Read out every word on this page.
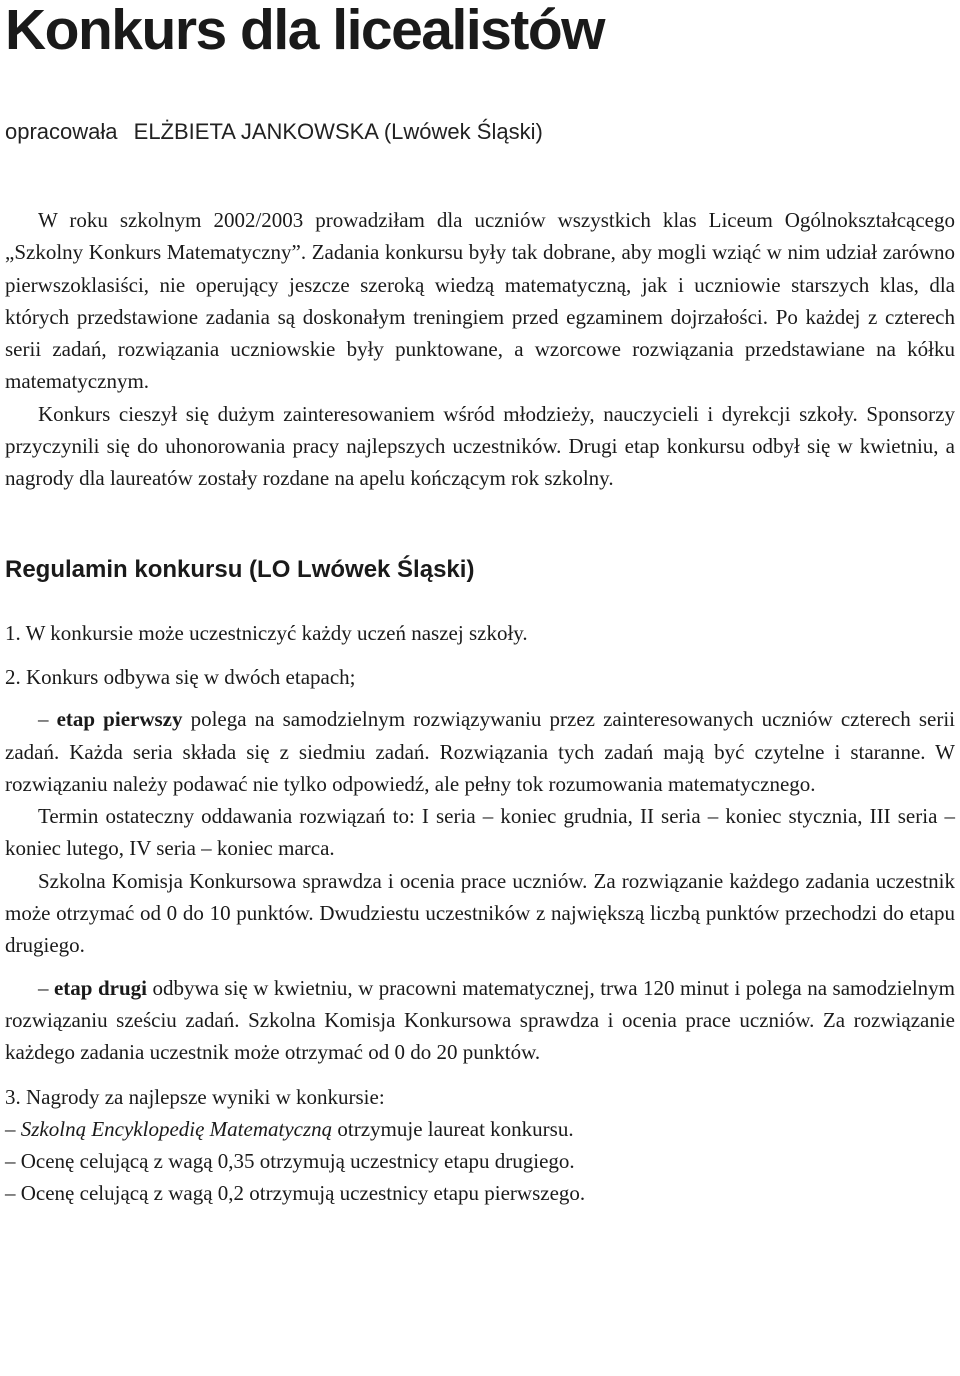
Konkurs dla licealistów
opracowała ELŻBIETA JANKOWSKA (Lwówek Śląski)

W roku szkolnym 2002/2003 prowadziłam dla uczniów wszystkich klas Liceum Ogólnokształcącego „Szkolny Konkurs Matematyczny”. Zadania konkursu były tak dobrane, aby mogli wziąć w nim udział zarówno pierwszoklasiści, nie operujący jeszcze szeroką wiedzą matematyczną, jak i uczniowie starszych klas, dla których przedstawione zadania są doskonałym treningiem przed egzaminem dojrzałości. Po każdej z czterech serii zadań, rozwiązania uczniowskie były punktowane, a wzorcowe rozwiązania przedstawiane na kółku matematycznym.

Konkurs cieszył się dużym zainteresowaniem wśród młodzieży, nauczycieli i dyrekcji szkoły. Sponsorzy przyczynili się do uhonorowania pracy najlepszych uczestników. Drugi etap konkursu odbył się w kwietniu, a nagrody dla laureatów zostały rozdane na apelu kończącym rok szkolny.

Regulamin konkursu (LO Lwówek Śląski)

1. W konkursie może uczestniczyć każdy uczeń naszej szkoły.

2. Konkurs odbywa się w dwóch etapach;

– etap pierwszy polega na samodzielnym rozwiązywaniu przez zainteresowanych uczniów czterech serii zadań. Każda seria składa się z siedmiu zadań. Rozwiązania tych zadań mają być czytelne i staranne. W rozwiązaniu należy podawać nie tylko odpowiedź, ale pełny tok rozumowania matematycznego.

Termin ostateczny oddawania rozwiązań to: I seria – koniec grudnia, II seria – koniec stycznia, III seria – koniec lutego, IV seria – koniec marca.

Szkolna Komisja Konkursowa sprawdza i ocenia prace uczniów. Za rozwiązanie każdego zadania uczestnik może otrzymać od 0 do 10 punktów. Dwudziestu uczestników z największą liczbą punktów przechodzi do etapu drugiego.

– etap drugi odbywa się w kwietniu, w pracowni matematycznej, trwa 120 minut i polega na samodzielnym rozwiązaniu sześciu zadań. Szkolna Komisja Konkursowa sprawdza i ocenia prace uczniów. Za rozwiązanie każdego zadania uczestnik może otrzymać od 0 do 20 punktów.

3. Nagrody za najlepsze wyniki w konkursie:

– Szkolną Encyklopedię Matematyczną otrzymuje laureat konkursu.

– Ocenę celującą z wagą 0,35 otrzymują uczestnicy etapu drugiego.

– Ocenę celującą z wagą 0,2 otrzymują uczestnicy etapu pierwszego.
